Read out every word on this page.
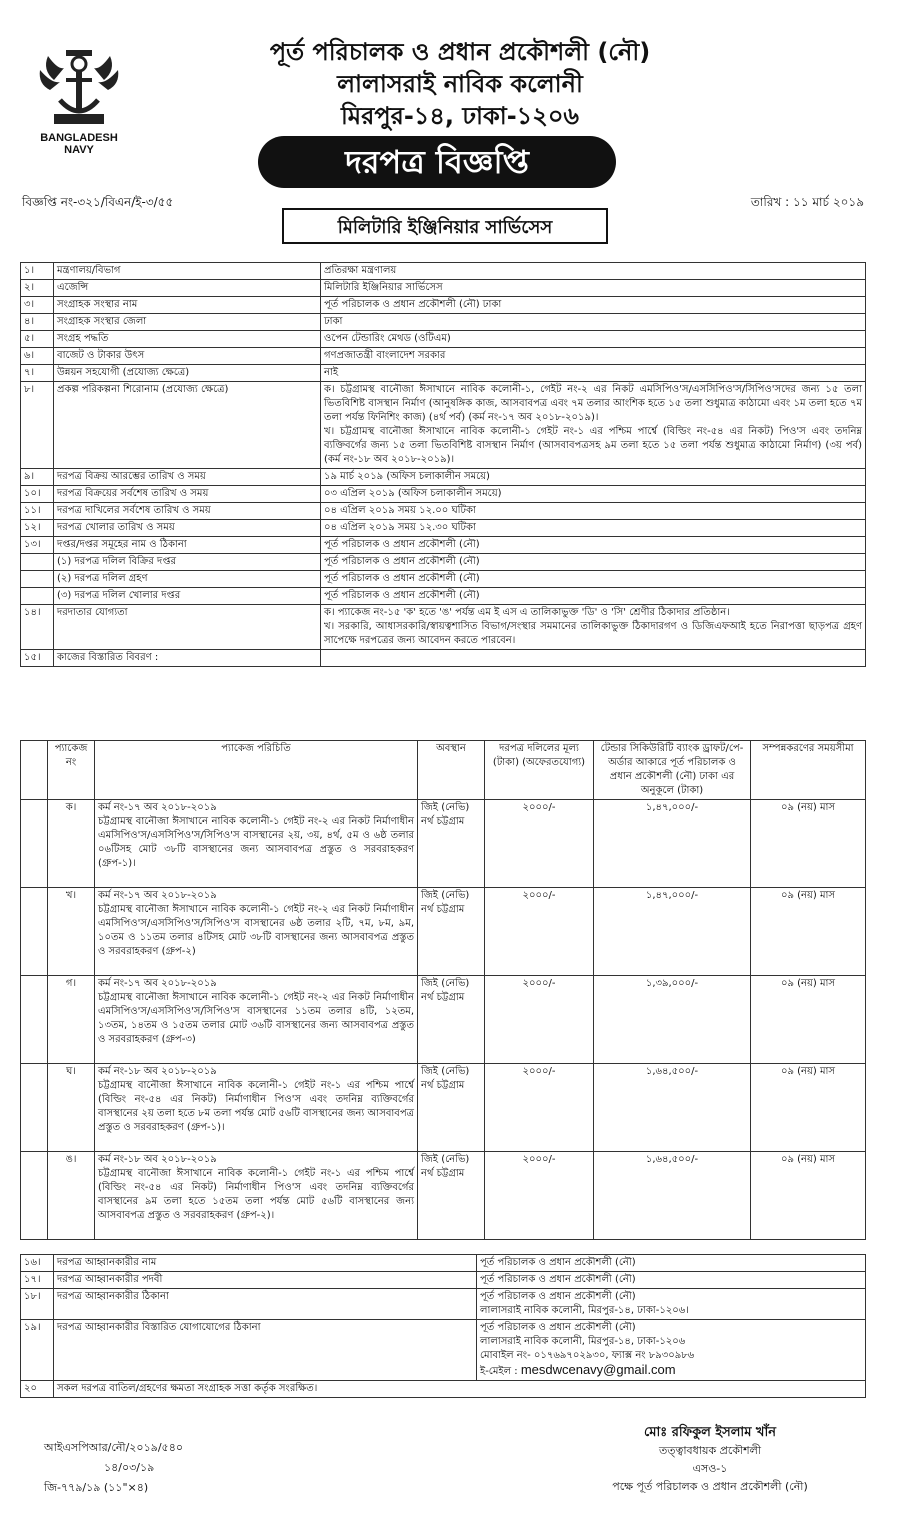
BANGLADESH NAVY
পূর্ত পরিচালক ও প্রধান প্রকৌশলী (নৌ)
লালাসরাই নাবিক কলোনী
মিরপুর-১৪, ঢাকা-১২০৬
দরপত্র বিজ্ঞপ্তি
বিজ্ঞপ্তি নং-৩২১/বিএন/ই-৩/৫৫	তারিখ : ১১ মার্চ ২০১৯
মিলিটারি ইঞ্জিনিয়ার সার্ভিসেস
১।	মন্ত্রণালয়/বিভাগ	প্রতিরক্ষা মন্ত্রণালয়
২।	এজেন্সি	মিলিটারি ইঞ্জিনিয়ার সার্ভিসেস
৩।	সংগ্রাহক সংস্থার নাম	পূর্ত পরিচালক ও প্রধান প্রকৌশলী (নৌ) ঢাকা
৪।	সংগ্রাহক সংস্থার জেলা	ঢাকা
৫।	সংগ্রহ পদ্ধতি	ওপেন টেন্ডারিং মেথড (ওটিএম)
৬।	বাজেট ও টাকার উৎস	গণপ্রজাতন্ত্রী বাংলাদেশ সরকার
৭।	উন্নয়ন সহযোগী (প্রযোজ্য ক্ষেত্রে)	নাই
৮।	প্রকল্প পরিকল্পনা শিরোনাম (প্রযোজ্য ক্ষেত্রে)	ক। চট্টগ্রামস্থ বানৌজা ঈসাখানে নাবিক কলোনী-১, গেইট নং-২ এর নিকট এমসিপিও'স/এসসিপিও'স/সিপিও'সদের জন্য ১৫ তলা ভিতবিশিষ্ট বাসস্থান নির্মাণ (আনুষঙ্গিক কাজ, আসবাবপত্র এবং ৭ম তলার আংশিক হতে ১৫ তলা শুধুমাত্র কাঠামো এবং ১ম তলা হতে ৭ম তলা পর্যন্ত ফিনিশিং কাজ) (৪র্থ পর্ব) (কর্ম নং-১৭ অব ২০১৮-২০১৯)।
খ। চট্টগ্রামস্থ বানৌজা ঈসাখানে নাবিক কলোনী-১ গেইট নং-১ এর পশ্চিম পার্শ্বে (বিল্ডিং নং-৫৪ এর নিকট) পিও'স এবং তদনিম্ন ব্যক্তিবর্গের জন্য ১৫ তলা ভিতবিশিষ্ট বাসস্থান নির্মাণ (আসবাবপত্রসহ ৯ম তলা হতে ১৫ তলা পর্যন্ত শুধুমাত্র কাঠামো নির্মাণ) (৩য় পর্ব) (কর্ম নং-১৮ অব ২০১৮-২০১৯)।

৯।	দরপত্র বিক্রয় আরম্ভের তারিখ ও সময়	১৯ মার্চ ২০১৯ (অফিস চলাকালীন সময়ে)
১০।	দরপত্র বিক্রয়ের সর্বশেষ তারিখ ও সময়	০৩ এপ্রিল ২০১৯ (অফিস চলাকালীন সময়ে)
১১।	দরপত্র দাখিলের সর্বশেষ তারিখ ও সময়	০৪ এপ্রিল ২০১৯ সময় ১২.০০ ঘটিকা
১২।	দরপত্র খোলার তারিখ ও সময়	০৪ এপ্রিল ২০১৯ সময় ১২.৩০ ঘটিকা
১৩।	দপ্তর/দপ্তর সমূহের নাম ও ঠিকানা	পূর্ত পরিচালক ও প্রধান প্রকৌশলী (নৌ)
	(১) দরপত্র দলিল বিক্রির দপ্তর	পূর্ত পরিচালক ও প্রধান প্রকৌশলী (নৌ)
	(২) দরপত্র দলিল গ্রহণ	পূর্ত পরিচালক ও প্রধান প্রকৌশলী (নৌ)
	(৩) দরপত্র দলিল খোলার দপ্তর	পূর্ত পরিচালক ও প্রধান প্রকৌশলী (নৌ)
১৪।	দরদাতার যোগ্যতা	ক। প্যাকেজ নং-১৫ 'ক' হতে 'ঙ' পর্যন্ত এম ই এস এ তালিকাভুক্ত 'ডি' ও 'সি' শ্রেণীর ঠিকাদার প্রতিষ্ঠান।
খ। সরকারি, আধাসরকারি/স্বায়ত্বশাসিত বিভাগ/সংস্থার সমমানের তালিকাভুক্ত ঠিকাদারগণ ও ডিজিএফআই হতে নিরাপত্তা ছাড়পত্র গ্রহণ সাপেক্ষে দরপত্রের জন্য আবেদন করতে পারবেন।

১৫।	কাজের বিস্তারিত বিবরণ :	
	প্যাকেজ নং	প্যাকেজ পরিচিতি	অবস্থান	দরপত্র দলিলের মূল্য (টাকা) (অফেরতযোগ্য)	টেন্ডার সিকিউরিটি ব্যাংক ড্রাফট/পে-অর্ডার আকারে পূর্ত পরিচালক ও প্রধান প্রকৌশলী (নৌ) ঢাকা এর অনুকূলে (টাকা)	সম্পন্নকরণের সময়সীমা
	ক।	কর্ম নং-১৭ অব ২০১৮-২০১৯
চট্টগ্রামস্থ বানৌজা ঈসাখানে নাবিক কলোনী-১ গেইট নং-২ এর নিকট নির্মাণাধীন এমসিপিও'স/এসসিপিও'স/সিপিও'স বাসস্থানের ২য়, ৩য়, ৪র্থ, ৫ম ও ৬ষ্ঠ তলার ০৬টিসহ মোট ৩৮টি বাসস্থানের জন্য আসবাবপত্র প্রস্তুত ও সরবরাহকরণ (গ্রুপ-১)।	জিই (নেভি) নর্থ চট্টগ্রাম	২০০০/-	১,৪৭,০০০/-	০৯ (নয়) মাস
	খ।	কর্ম নং-১৭ অব ২০১৮-২০১৯
চট্টগ্রামস্থ বানৌজা ঈসাখানে নাবিক কলোনী-১ গেইট নং-২ এর নিকট নির্মাণাধীন এমসিপিও'স/এসসিপিও'স/সিপিও'স বাসস্থানের ৬ষ্ঠ তলার ২টি, ৭ম, ৮ম, ৯ম, ১০তম ও ১১তম তলার ৪টিসহ মোট ৩৮টি বাসস্থানের জন্য আসবাবপত্র প্রস্তুত ও সরবরাহকরণ (গ্রুপ-২)	জিই (নেভি) নর্থ চট্টগ্রাম	২০০০/-	১,৪৭,০০০/-	০৯ (নয়) মাস
	গ।	কর্ম নং-১৭ অব ২০১৮-২০১৯
চট্টগ্রামস্থ বানৌজা ঈসাখানে নাবিক কলোনী-১ গেইট নং-২ এর নিকট নির্মাণাধীন এমসিপিও'স/এসসিপিও'স/সিপিও'স বাসস্থানের ১১তম তলার ৪টি, ১২তম, ১৩তম, ১৪তম ও ১৫তম তলার মোট ৩৬টি বাসস্থানের জন্য আসবাবপত্র প্রস্তুত ও সরবরাহকরণ (গ্রুপ-৩)	জিই (নেভি) নর্থ চট্টগ্রাম	২০০০/-	১,৩৯,০০০/-	০৯ (নয়) মাস
	ঘ।	কর্ম নং-১৮ অব ২০১৮-২০১৯
চট্টগ্রামস্থ বানৌজা ঈসাখানে নাবিক কলোনী-১ গেইট নং-১ এর পশ্চিম পার্শ্বে (বিল্ডিং নং-৫৪ এর নিকট) নির্মাণাধীন পিও'স এবং তদনিম্ন ব্যক্তিবর্গের বাসস্থানের ২য় তলা হতে ৮ম তলা পর্যন্ত মোট ৫৬টি বাসস্থানের জন্য আসবাবপত্র প্রস্তুত ও সরবরাহকরণ (গ্রুপ-১)।	জিই (নেভি) নর্থ চট্টগ্রাম	২০০০/-	১,৬৪,৫০০/-	০৯ (নয়) মাস
	ঙ।	কর্ম নং-১৮ অব ২০১৮-২০১৯
চট্টগ্রামস্থ বানৌজা ঈসাখানে নাবিক কলোনী-১ গেইট নং-১ এর পশ্চিম পার্শ্বে (বিল্ডিং নং-৫৪ এর নিকট) নির্মাণাধীন পিও'স এবং তদনিম্ন ব্যক্তিবর্গের বাসস্থানের ৯ম তলা হতে ১৫তম তলা পর্যন্ত মোট ৫৬টি বাসস্থানের জন্য আসবাবপত্র প্রস্তুত ও সরবরাহকরণ (গ্রুপ-২)।	জিই (নেভি) নর্থ চট্টগ্রাম	২০০০/-	১,৬৪,৫০০/-	০৯ (নয়) মাস
১৬।	দরপত্র আহ্বানকারীর নাম	পূর্ত পরিচালক ও প্রধান প্রকৌশলী (নৌ)

১৭।	দরপত্র আহ্বানকারীর পদবী	পূর্ত পরিচালক ও প্রধান প্রকৌশলী (নৌ)

১৮।	দরপত্র আহ্বানকারীর ঠিকানা	পূর্ত পরিচালক ও প্রধান প্রকৌশলী (নৌ)
লালাসরাই নাবিক কলোনী, মিরপুর-১৪, ঢাকা-১২০৬।

১৯।	দরপত্র আহ্বানকারীর বিস্তারিত যোগাযোগের ঠিকানা	পূর্ত পরিচালক ও প্রধান প্রকৌশলী (নৌ)
লালাসরাই নাবিক কলোনী, মিরপুর-১৪, ঢাকা-১২০৬
মোবাইল নং- ০১৭৬৯৭০২৯৩০, ফ্যাক্স নং ৮৯৩০৯৮৬
ই-মেইল : mesdwcenavy@gmail.com

২০	সকল দরপত্র বাতিল/গ্রহণের ক্ষমতা সংগ্রাহক সত্তা কর্তৃক সংরক্ষিত।	
মোঃ রফিকুল ইসলাম খাঁন
তত্ত্বাবধায়ক প্রকৌশলী
এসও-১
পক্ষে পূর্ত পরিচালক ও প্রধান প্রকৌশলী (নৌ)
আইএসপিআর/নৌ/২০১৯/৫৪০
১৪/০৩/১৯
জি-৭৭৯/১৯ (১১"×৪)
